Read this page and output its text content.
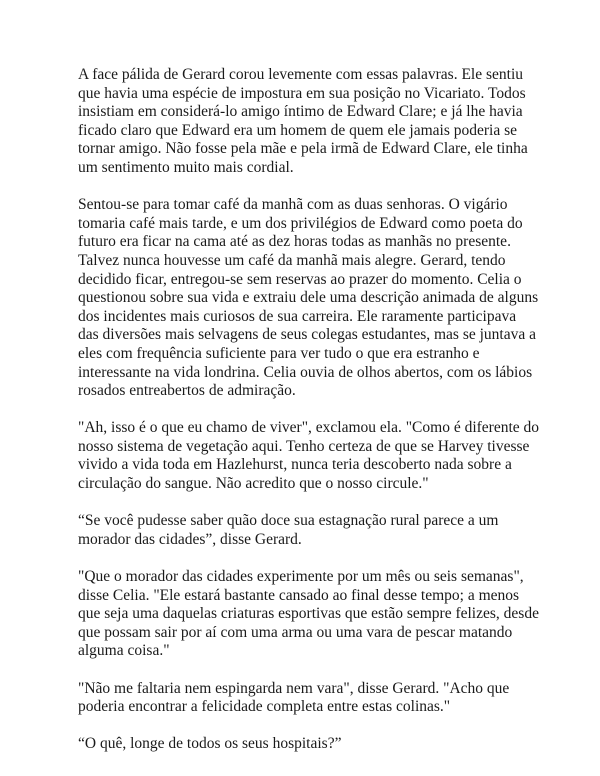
A face pálida de Gerard corou levemente com essas palavras. Ele sentiu que havia uma espécie de impostura em sua posição no Vicariato. Todos insistiam em considerá-lo amigo íntimo de Edward Clare; e já lhe havia ficado claro que Edward era um homem de quem ele jamais poderia se tornar amigo. Não fosse pela mãe e pela irmã de Edward Clare, ele tinha um sentimento muito mais cordial.

Sentou-se para tomar café da manhã com as duas senhoras. O vigário tomaria café mais tarde, e um dos privilégios de Edward como poeta do futuro era ficar na cama até as dez horas todas as manhãs no presente. Talvez nunca houvesse um café da manhã mais alegre. Gerard, tendo decidido ficar, entregou-se sem reservas ao prazer do momento. Celia o questionou sobre sua vida e extraiu dele uma descrição animada de alguns dos incidentes mais curiosos de sua carreira. Ele raramente participava das diversões mais selvagens de seus colegas estudantes, mas se juntava a eles com frequência suficiente para ver tudo o que era estranho e interessante na vida londrina. Celia ouvia de olhos abertos, com os lábios rosados entreabertos de admiração.

"Ah, isso é o que eu chamo de viver", exclamou ela. "Como é diferente do nosso sistema de vegetação aqui. Tenho certeza de que se Harvey tivesse vivido a vida toda em Hazlehurst, nunca teria descoberto nada sobre a circulação do sangue. Não acredito que o nosso circule."

“Se você pudesse saber quão doce sua estagnação rural parece a um morador das cidades”, disse Gerard.

"Que o morador das cidades experimente por um mês ou seis semanas", disse Celia. "Ele estará bastante cansado ao final desse tempo; a menos que seja uma daquelas criaturas esportivas que estão sempre felizes, desde que possam sair por aí com uma arma ou uma vara de pescar matando alguma coisa."

"Não me faltaria nem espingarda nem vara", disse Gerard. "Acho que poderia encontrar a felicidade completa entre estas colinas."

“O quê, longe de todos os seus hospitais?”
